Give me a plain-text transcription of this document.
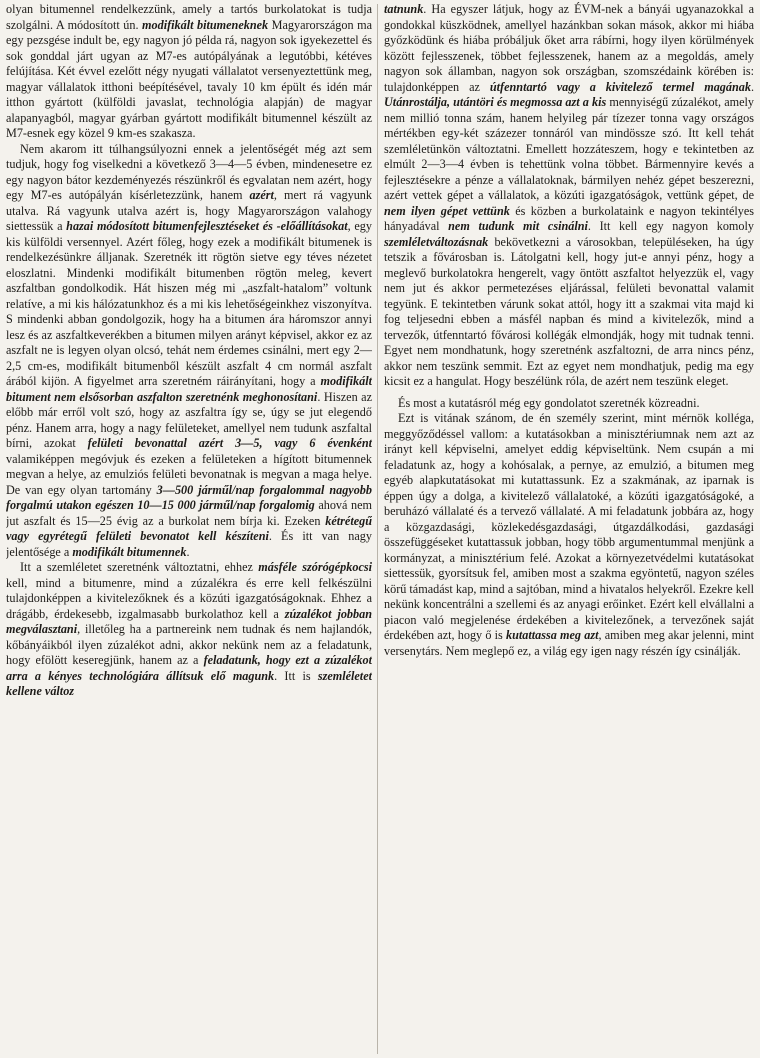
olyan bitumennel rendelkezzünk, amely a tartós burkolatokat is tudja szolgálni. A módosított ún. modifikált bitumeneknek Magyarországon ma egy pezsgése indult be, egy nagyon jó példa rá, nagyon sok igyekezettel és sok gonddal járt ugyan az M7-es autópályának a legutóbbi, kétéves felújítása. Két évvel ezelőtt négy nyugati vállalatot versenyeztettünk meg, magyar vállalatok itthoni beépítésével, tavaly 10 km épült és idén már itthon gyártott (külföldi javaslat, technológia alapján) de magyar alapanyagból, magyar gyárban gyártott modifikált bitumennel készült az M7-esnek egy közel 9 km-es szakasza.

Nem akarom itt túlhangsúlyozni ennek a jelentőségét még azt sem tudjuk, hogy fog viselkedni a következő 3—4—5 évben, mindenesetre ez egy nagyon bátor kezdeményezés részünkről és egvalatan nem azért, hogy egy M7-es autópályán kísérletezzünk, hanem azért, mert rá vagyunk utalva. Rá vagyunk utalva azért is, hogy Magyarországon valahogy siettessük a hazai módosított bitumenfejlesztéseket és -előállításokat, egy kis külföldi versennyel. Azért főleg, hogy ezek a modifikált bitumenek is rendelkezésünkre álljanak. Szeretnék itt rögtön sietve egy téves nézetet eloszlatni. Mindenki modifikált bitumenben rögtön meleg, kevert aszfaltban gondolkodik. Hát hiszen még mi „aszfalt-hatalom” voltunk relatíve, a mi kis hálózatunkhoz és a mi kis lehetőségeinkhez viszonyítva. S mindenki abban gondolgozik, hogy ha a bitumen ára háromszor annyi lesz és az aszfaltkeverékben a bitumen milyen arányt képvisel, akkor ez az aszfalt ne is legyen olyan olcsó, tehát nem érdemes csinálni, mert egy 2—2,5 cm-es, modifikált bitumenből készült aszfalt 4 cm normál aszfalt árából kijön. A figyelmet arra szeretném ráirányítani, hogy a modifikált bitument nem elsősorban aszfalton szeretnénk meghonosítani. Hiszen az előbb már erről volt szó, hogy az aszfaltra így se, úgy se jut elegendő pénz. Hanem arra, hogy a nagy felületeket, amellyel nem tudunk aszfaltal bírni, azokat felületi bevonattal azért 3—5, vagy 6 évenként valamiképpen megóvjuk és ezeken a felületeken a hígított bitumennek megvan a helye, az emulziós felületi bevonatnak is megvan a maga helye. De van egy olyan tartomány 3—500 járműl/nap forgalommal nagyobb forgalmú utakon egészen 10—15 000 járműl/nap forgalomig ahová nem jut aszfalt és 15—25 évig az a burkolat nem bírja ki. Ezeken kétrétegű vagy egyrétegű felületi bevonatot kell készíteni. És itt van nagy jelentősége a modifikált bitumennek.

Itt a szemléletet szeretnénk változtatni, ehhez másféle szórógépkocsi kell, mind a bitumenre, mind a zúzalékra és erre kell felkészülni tulajdonképpen a kivitelezőknek és a közúti igazgatóságoknak. Ehhez a drágább, érdekesebb, izgalmasabb burkolathoz kell a zúzalékot jobban megválasztani, illetőleg ha a partnereink nem tudnak és nem hajlandók, kőbányáikból ilyen zúzalékot adni, akkor nekünk nem az a feladatunk, hogy efölött keseregjünk, hanem az a feladatunk, hogy ezt a zúzalékot arra a kényes technológiára állítsuk elő magunk. Itt is szemléletet kellene változ

tatnunk. Ha egyszer látjuk, hogy az ÉVM-nek a bányái ugyanazokkal a gondokkal küszködnek, amellyel hazánkban sokan mások, akkor mi hiába győzködünk és hiába próbáljuk őket arra rábírni, hogy ilyen körülmények között fejlesszenek, többet fejlesszenek, hanem az a megoldás, amely nagyon sok államban, nagyon sok országban, szomszédaink körében is: tulajdonképpen az útfenntartó vagy a kivitelező termel magának. Utánrostálja, utántöri és megmossa azt a kis mennyiségű zúzalékot, amely nem millió tonna szám, hanem helyileg pár tízezer tonna vagy országos mértékben egy-két százezer tonnáról van mindössze szó. Itt kell tehát szemléletünkön változtatni. Emellett hozzáteszem, hogy e tekintetben az elmúlt 2—3—4 évben is tehettünk volna többet. Bármennyire kevés a fejlesztésekre a pénze a vállalatoknak, bármilyen nehéz gépet beszerezni, azért vettek gépet a vállalatok, a közúti igazgatóságok, vettünk gépet, de nem ilyen gépet vettünk és közben a burkolataink e nagyon tekintélyes hányadával nem tudunk mit csinálni. Itt kell egy nagyon komoly szemléletváltozásnak bekövetkezni a városokban, településeken, ha úgy tetszik a fővárosban is. Látolgatni kell, hogy jut-e annyi pénz, hogy a meglevő burkolatokra hengerelt, vagy öntött aszfaltot helyezzük el, vagy nem jut és akkor permetezéses eljárással, felületi bevonattal valamit tegyünk. E tekintetben várunk sokat attól, hogy itt a szakmai vita majd ki fog teljesedni ebben a másfél napban és mind a kivitelezők, mind a tervezők, útfenntartó fővárosi kollégák elmondják, hogy mit tudnak tenni. Egyet nem mondhatunk, hogy szeretnénk aszfaltozni, de arra nincs pénz, akkor nem teszünk semmit. Ezt az egyet nem mondhatjuk, pedig ma egy kicsit ez a hangulat. Hogy beszélünk róla, de azért nem teszünk eleget.

És most a kutatásról még egy gondolatot szeretnék közreadni.

Ezt is vitának szánom, de én személy szerint, mint mérnök kolléga, meggyőződéssel vallom: a kutatásokban a minisztériumnak nem azt az irányt kell képviselni, amelyet eddig képviseltünk. Nem csupán a mi feladatunk az, hogy a kohósalak, a pernye, az emulzió, a bitumen meg egyéb alapkutatásokat mi kutattassunk. Ez a szakmának, az iparnak is éppen úgy a dolga, a kivitelező vállalatoké, a közúti igazgatóságoké, a beruházó vállalaté és a tervező vállalaté. A mi feladatunk jobbára az, hogy a közgazdasági, közlekedésgazdasági, útgazdálkodási, gazdasági összefüggéseket kutattassuk jobban, hogy több argumentummal menjünk a kormányzat, a minisztérium felé. Azokat a környezetvédelmi kutatásokat siettessük, gyorsítsuk fel, amiben most a szakma egyöntetű, nagyon széles körű támadást kap, mind a sajtóban, mind a hivatalos helyekről. Ezekre kell nekünk koncentrálni a szellemi és az anyagi erőinket. Ezért kell elvállalni a piacon való megjelenése érdekében a kivitelezőnek, a tervezőnek saját érdekében azt, hogy ő is kutattassa meg azt, amiben meg akar jelenni, mint versenytárs. Nem meglepő ez, a világ egy igen nagy részén így csinálják.
